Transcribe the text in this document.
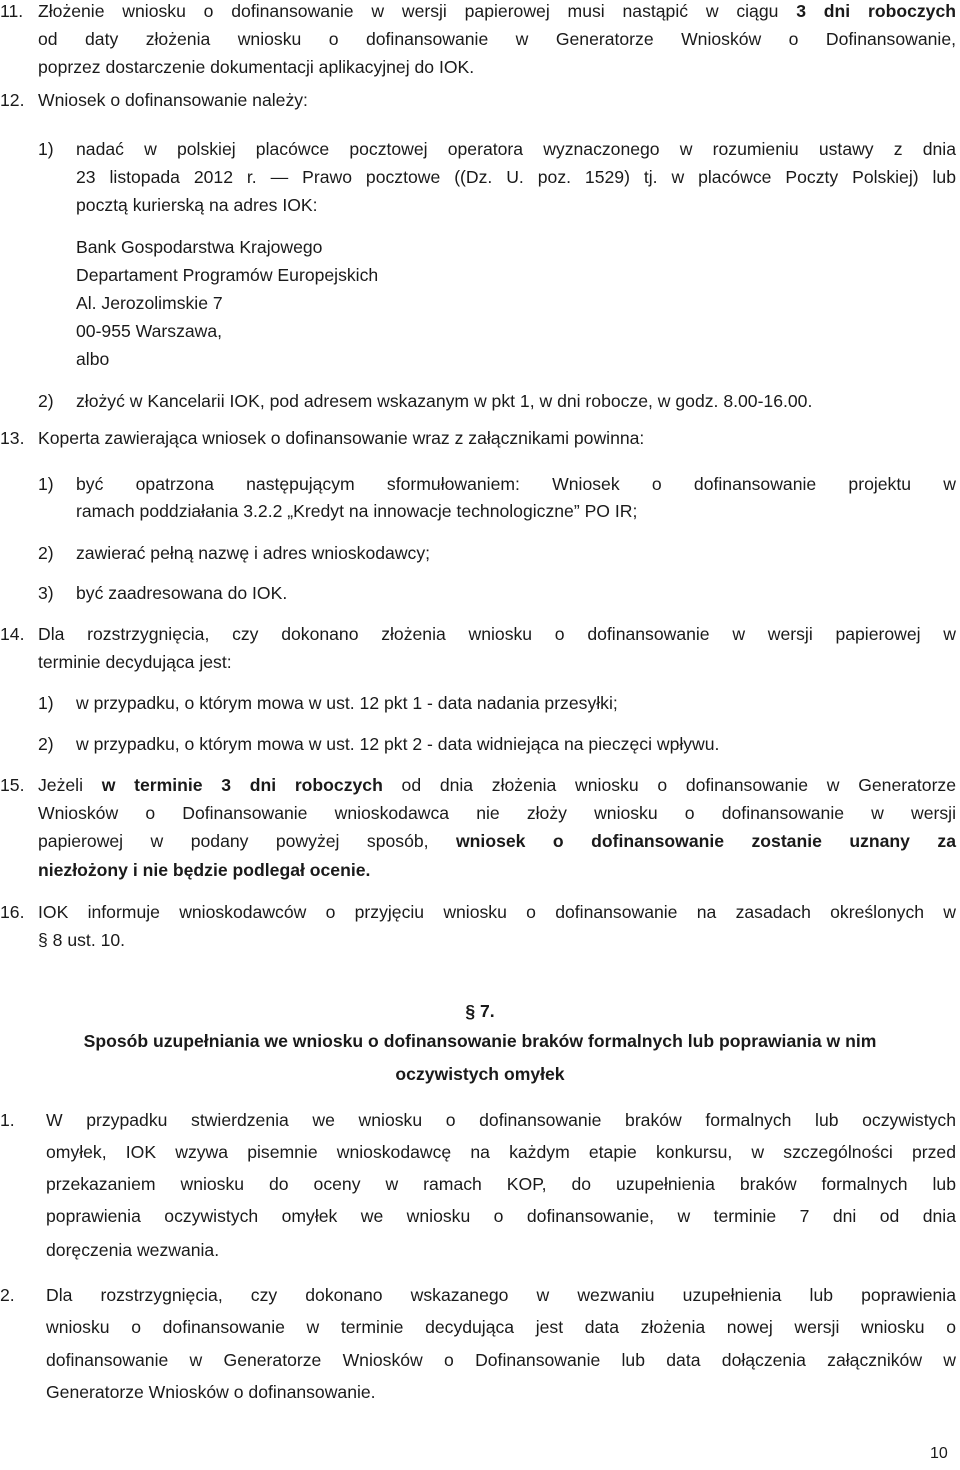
11. Złożenie wniosku o dofinansowanie w wersji papierowej musi nastąpić w ciągu 3 dni roboczych
od daty złożenia wniosku o dofinansowanie w Generatorze Wniosków o Dofinansowanie,
poprzez dostarczenie dokumentacji aplikacyjnej do IOK.
12. Wniosek o dofinansowanie należy:
1) nadać w polskiej placówce pocztowej operatora wyznaczonego w rozumieniu ustawy z dnia
23 listopada 2012 r. — Prawo pocztowe ((Dz. U. poz. 1529) tj. w placówce Poczty Polskiej) lub
pocztą kurierską na adres IOK:
Bank Gospodarstwa Krajowego
Departament Programów Europejskich
Al. Jerozolimskie 7
00-955 Warszawa,
albo
2) złożyć w Kancelarii IOK, pod adresem wskazanym w pkt 1, w dni robocze, w godz. 8.00-16.00.
13. Koperta zawierająca wniosek o dofinansowanie wraz z załącznikami powinna:
1) być opatrzona następującym sformułowaniem: Wniosek o dofinansowanie projektu w
ramach poddziałania 3.2.2 „Kredyt na innowacje technologiczne” PO IR;
2) zawierać pełną nazwę i adres wnioskodawcy;
3) być zaadresowana do IOK.
14. Dla rozstrzygnięcia, czy dokonano złożenia wniosku o dofinansowanie w wersji papierowej w
terminie decydująca jest:
1) w przypadku, o którym mowa w ust. 12 pkt 1 - data nadania przesyłki;
2) w przypadku, o którym mowa w ust. 12 pkt 2 - data widniejąca na pieczęci wpływu.
15. Jeżeli w terminie 3 dni roboczych od dnia złożenia wniosku o dofinansowanie w Generatorze
Wniosków o Dofinansowanie wnioskodawca nie złoży wniosku o dofinansowanie w wersji
papierowej w podany powyżej sposób, wniosek o dofinansowanie zostanie uznany za
niezłożony i nie będzie podlegał ocenie.
16. IOK informuje wnioskodawców o przyjęciu wniosku o dofinansowanie na zasadach określonych w
§ 8 ust. 10.
§ 7.
Sposób uzupełniania we wniosku o dofinansowanie braków formalnych lub poprawiania w nim
oczywistych omyłek
1. W przypadku stwierdzenia we wniosku o dofinansowanie braków formalnych lub oczywistych
omyłek, IOK wzywa pisemnie wnioskodawcę na każdym etapie konkursu, w szczególności przed
przekazaniem wniosku do oceny w ramach KOP, do uzupełnienia braków formalnych lub
poprawienia oczywistych omyłek we wniosku o dofinansowanie, w terminie 7 dni od dnia
doręczenia wezwania.
2. Dla rozstrzygnięcia, czy dokonano wskazanego w wezwaniu uzupełnienia lub poprawienia
wniosku o dofinansowanie w terminie decydująca jest data złożenia nowej wersji wniosku o
dofinansowanie w Generatorze Wniosków o Dofinansowanie lub data dołączenia załączników w
Generatorze Wniosków o dofinansowanie.
10
